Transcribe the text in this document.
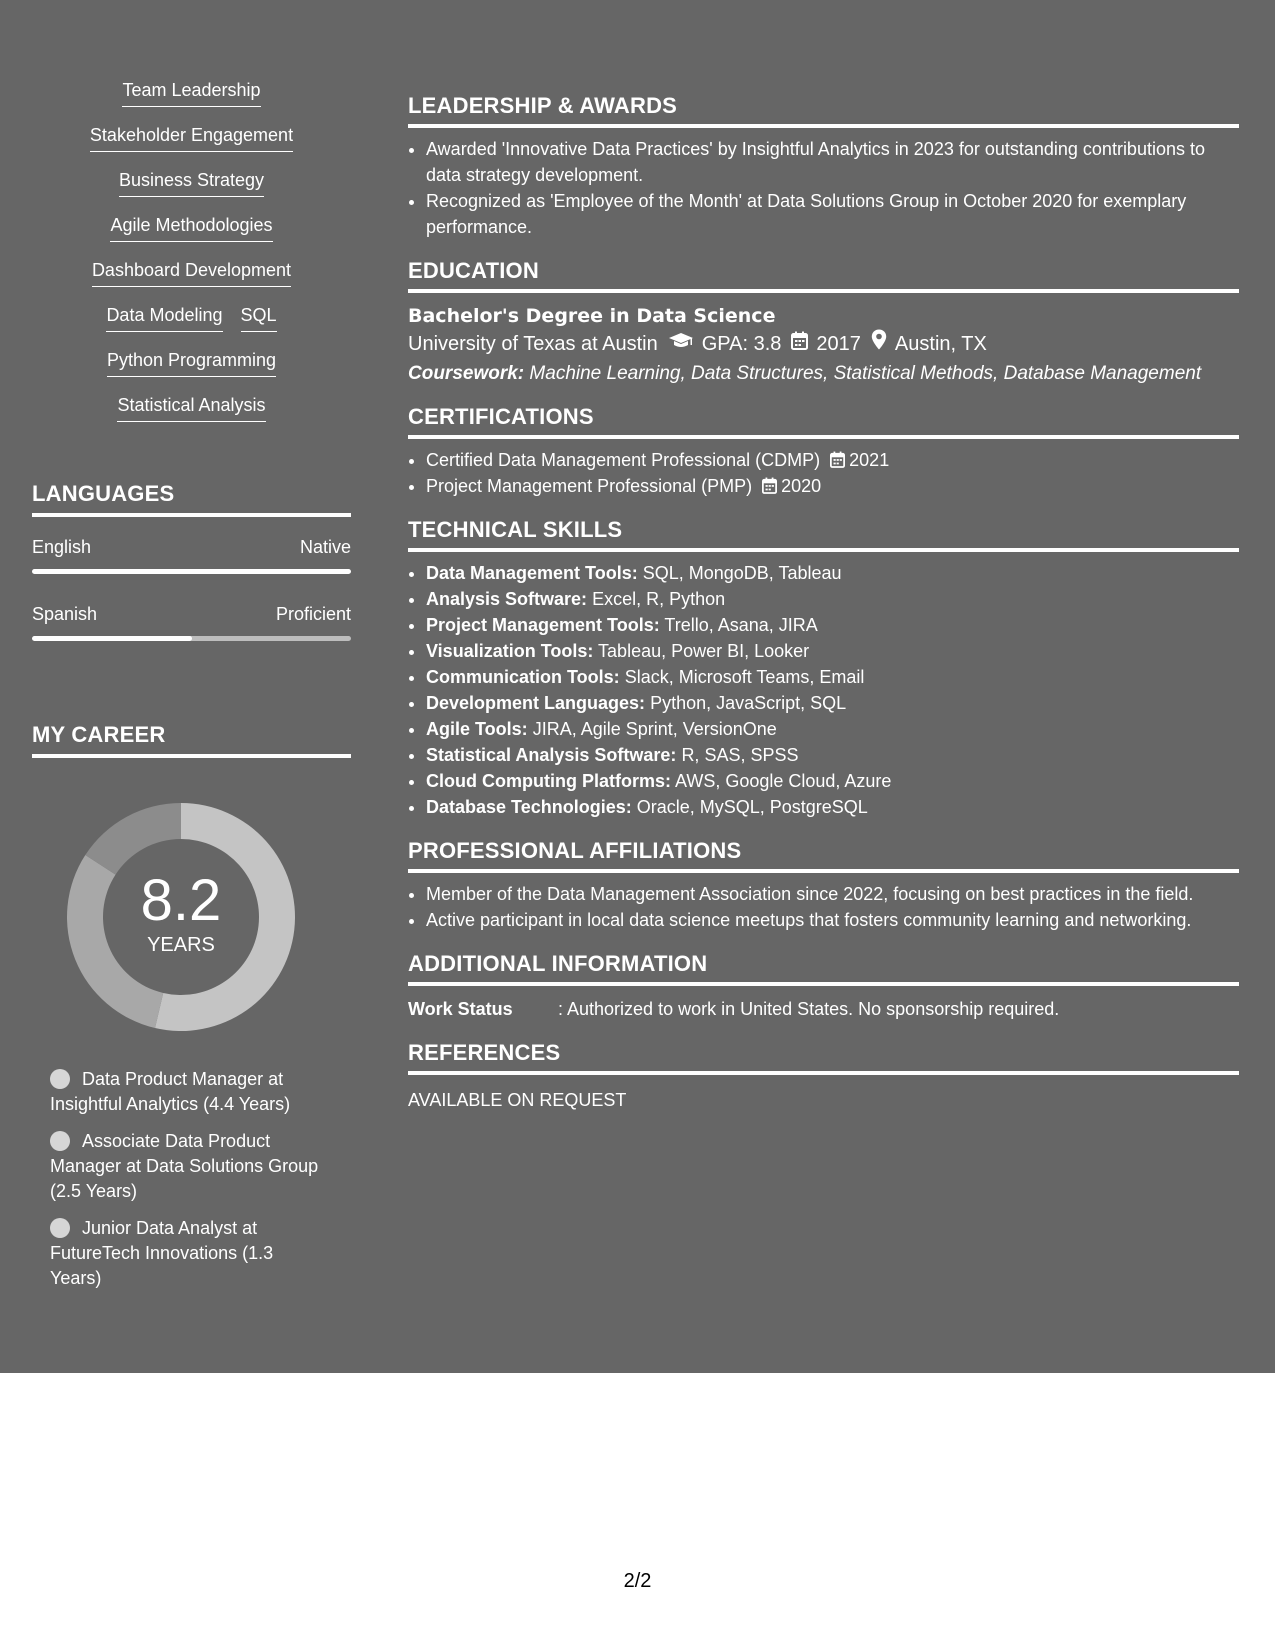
Team Leadership
Stakeholder Engagement
Business Strategy
Agile Methodologies
Dashboard Development
Data Modeling SQL
Python Programming
Statistical Analysis
LANGUAGES
English	Native
Spanish	Proficient
MY CAREER
8.2
YEARS
Data Product Manager at Insightful Analytics (4.4 Years)
Associate Data Product Manager at Data Solutions Group (2.5 Years)
Junior Data Analyst at FutureTech Innovations (1.3 Years)
LEADERSHIP & AWARDS
• Awarded 'Innovative Data Practices' by Insightful Analytics in 2023 for outstanding contributions to data strategy development.
• Recognized as 'Employee of the Month' at Data Solutions Group in October 2020 for exemplary performance.
EDUCATION
Bachelor's Degree in Data Science
University of Texas at Austin GPA: 3.8 2017 Austin, TX
Coursework: Machine Learning, Data Structures, Statistical Methods, Database Management
CERTIFICATIONS
• Certified Data Management Professional (CDMP) 2021
• Project Management Professional (PMP) 2020
TECHNICAL SKILLS
• Data Management Tools: SQL, MongoDB, Tableau
• Analysis Software: Excel, R, Python
• Project Management Tools: Trello, Asana, JIRA
• Visualization Tools: Tableau, Power BI, Looker
• Communication Tools: Slack, Microsoft Teams, Email
• Development Languages: Python, JavaScript, SQL
• Agile Tools: JIRA, Agile Sprint, VersionOne
• Statistical Analysis Software: R, SAS, SPSS
• Cloud Computing Platforms: AWS, Google Cloud, Azure
• Database Technologies: Oracle, MySQL, PostgreSQL
PROFESSIONAL AFFILIATIONS
• Member of the Data Management Association since 2022, focusing on best practices in the field.
• Active participant in local data science meetups that fosters community learning and networking.
ADDITIONAL INFORMATION
Work Status	: Authorized to work in United States. No sponsorship required.
REFERENCES
AVAILABLE ON REQUEST
2/2
